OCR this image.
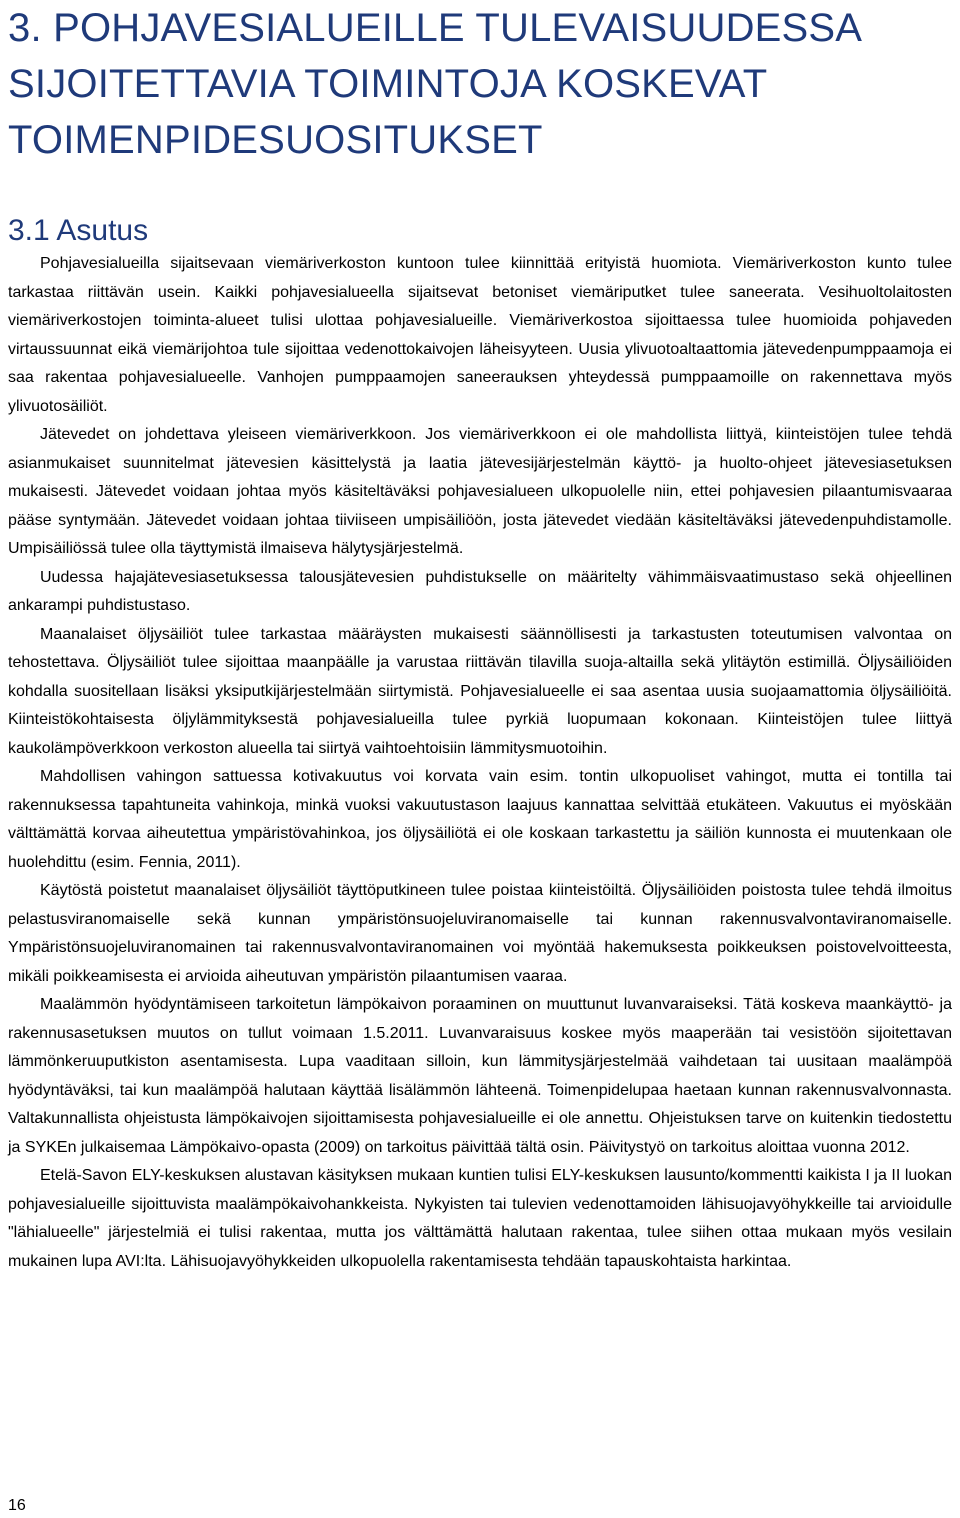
3. POHJAVESIALUEILLE TULEVAISUUDESSA SIJOITETTAVIA TOIMINTOJA KOSKEVAT TOIMENPIDESUOSITUKSET
3.1 Asutus

Pohjavesialueilla sijaitsevaan viemäriverkoston kuntoon tulee kiinnittää erityistä huomiota. Viemäriverkoston kunto tulee tarkastaa riittävän usein. Kaikki pohjavesialueella sijaitsevat betoniset viemäriputket tulee saneerata. Vesihuoltolaitosten viemäriverkostojen toiminta-alueet tulisi ulottaa pohjavesialueille. Viemäriverkostoa sijoittaessa tulee huomioida pohjaveden virtaussuunnat eikä viemärijohtoa tule sijoittaa vedenottokaivojen läheisyyteen. Uusia ylivuotoaltaattomia jätevedenpumppaamoja ei saa rakentaa pohjavesialueelle. Vanhojen pumppaamojen saneerauksen yhteydessä pumppaamoille on rakennettava myös ylivuotosäiliöt.

Jätevedet on johdettava yleiseen viemäriverkkoon. Jos viemäriverkkoon ei ole mahdollista liittyä, kiinteistöjen tulee tehdä asianmukaiset suunnitelmat jätevesien käsittelystä ja laatia jätevesijärjestelmän käyttö- ja huolto-ohjeet jätevesiasetuksen mukaisesti. Jätevedet voidaan johtaa myös käsiteltäväksi pohjavesialueen ulkopuolelle niin, ettei pohjavesien pilaantumisvaaraa pääse syntymään. Jätevedet voidaan johtaa tiiviiseen umpisäiliöön, josta jätevedet viedään käsiteltäväksi jätevedenpuhdistamolle. Umpisäiliössä tulee olla täyttymistä ilmaiseva hälytysjärjestelmä.

Uudessa hajajätevesiasetuksessa talousjätevesien puhdistukselle on määritelty vähimmäisvaatimustaso sekä ohjeellinen ankarampi puhdistustaso.

Maanalaiset öljysäiliöt tulee tarkastaa määräysten mukaisesti säännöllisesti ja tarkastusten toteutumisen valvontaa on tehostettava. Öljysäiliöt tulee sijoittaa maanpäälle ja varustaa riittävän tilavilla suoja-altailla sekä ylitäytön estimillä. Öljysäiliöiden kohdalla suositellaan lisäksi yksiputkijärjestelmään siirtymistä. Pohjavesialueelle ei saa asentaa uusia suojaamattomia öljysäiliöitä. Kiinteistökohtaisesta öljylämmityksestä pohjavesialueilla tulee pyrkiä luopumaan kokonaan. Kiinteistöjen tulee liittyä kaukolämpöverkkoon verkoston alueella tai siirtyä vaihtoehtoisiin lämmitysmuotoihin.

Mahdollisen vahingon sattuessa kotivakuutus voi korvata vain esim. tontin ulkopuoliset vahingot, mutta ei tontilla tai rakennuksessa tapahtuneita vahinkoja, minkä vuoksi vakuutustason laajuus kannattaa selvittää etukäteen. Vakuutus ei myöskään välttämättä korvaa aiheutettua ympäristövahinkoa, jos öljysäiliötä ei ole koskaan tarkastettu ja säiliön kunnosta ei muutenkaan ole huolehdittu (esim. Fennia, 2011).

Käytöstä poistetut maanalaiset öljysäiliöt täyttöputkineen tulee poistaa kiinteistöiltä. Öljysäiliöiden poistosta tulee tehdä ilmoitus pelastusviranomaiselle sekä kunnan ympäristönsuojeluviranomaiselle tai kunnan rakennusvalvontaviranomaiselle. Ympäristönsuojeluviranomainen tai rakennusvalvontaviranomainen voi myöntää hakemuksesta poikkeuksen poistovelvoitteesta, mikäli poikkeamisesta ei arvioida aiheutuvan ympäristön pilaantumisen vaaraa.

Maalämmön hyödyntämiseen tarkoitetun lämpökaivon poraaminen on muuttunut luvanvaraiseksi. Tätä koskeva maankäyttö- ja rakennusasetuksen muutos on tullut voimaan 1.5.2011. Luvanvaraisuus koskee myös maaperään tai vesistöön sijoitettavan lämmönkeruuputkiston asentamisesta. Lupa vaaditaan silloin, kun lämmitysjärjestelmää vaihdetaan tai uusitaan maalämpöä hyödyntäväksi, tai kun maalämpöä halutaan käyttää lisälämmön lähteenä. Toimenpidelupaa haetaan kunnan rakennusvalvonnasta. Valtakunnallista ohjeistusta lämpökaivojen sijoittamisesta pohjavesialueille ei ole annettu. Ohjeistuksen tarve on kuitenkin tiedostettu ja SYKEn julkaisemaa Lämpökaivo-opasta (2009) on tarkoitus päivittää tältä osin. Päivitystyö on tarkoitus aloittaa vuonna 2012.

Etelä-Savon ELY-keskuksen alustavan käsityksen mukaan kuntien tulisi ELY-keskuksen lausunto/kommentti kaikista I ja II luokan pohjavesialueille sijoittuvista maalämpökaivohankkeista. Nykyisten tai tulevien vedenottamoiden lähisuojavyöhykkeille tai arvioidulle "lähialueelle" järjestelmiä ei tulisi rakentaa, mutta jos välttämättä halutaan rakentaa, tulee siihen ottaa mukaan myös vesilain mukainen lupa AVI:lta. Lähisuojavyöhykkeiden ulkopuolella rakentamisesta tehdään tapauskohtaista harkintaa.

16
